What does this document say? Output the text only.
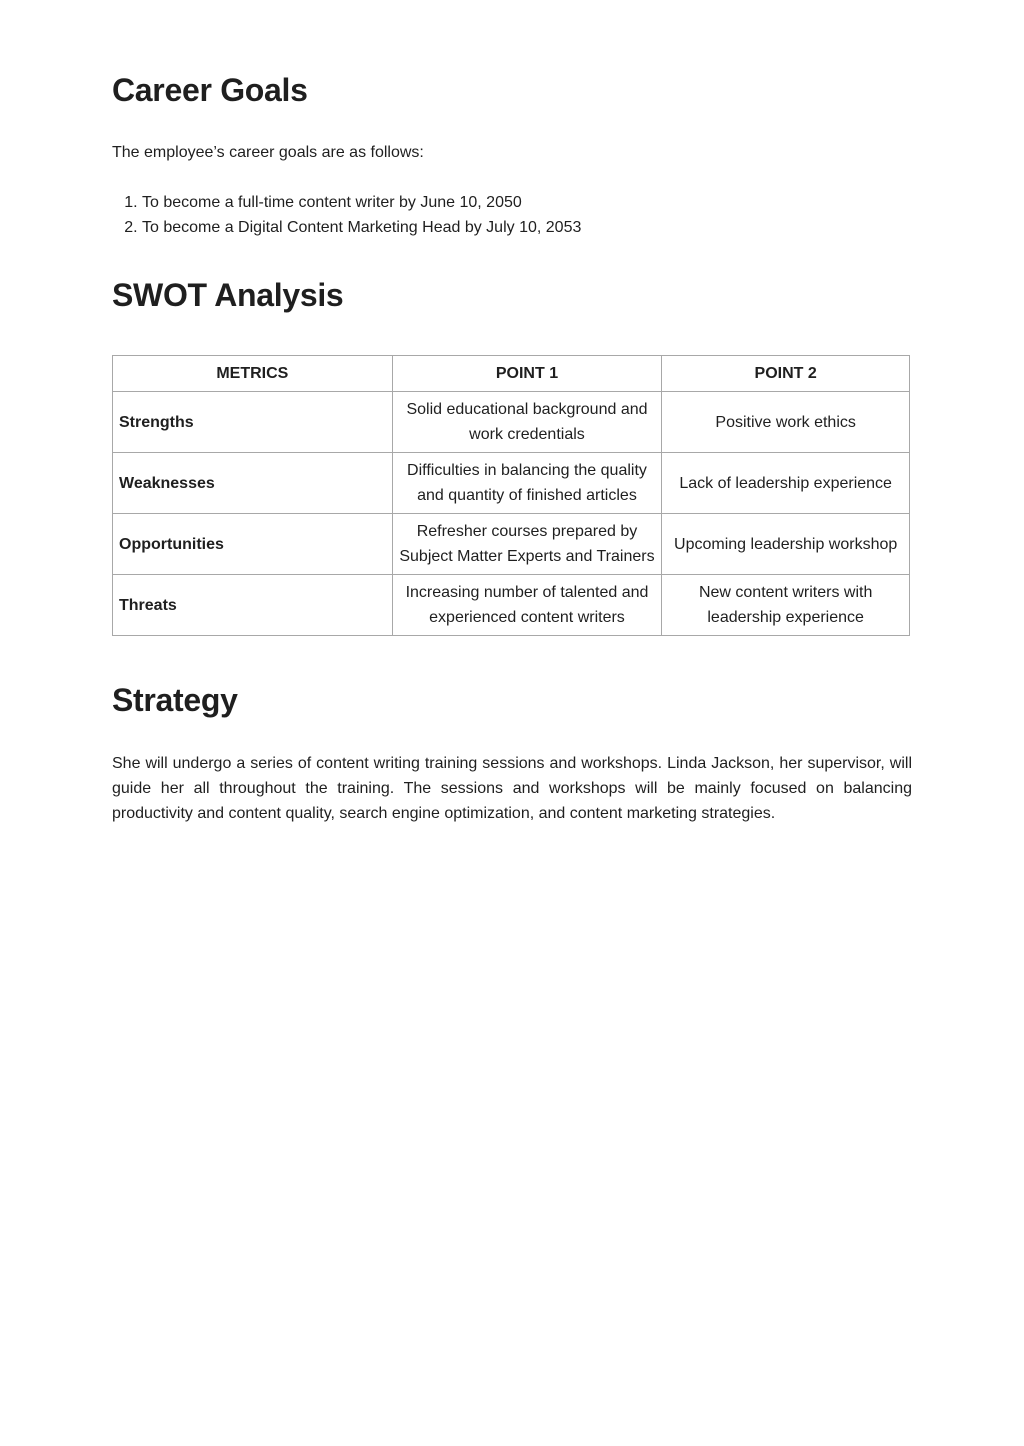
Career Goals

The employee’s career goals are as follows:

1. To become a full-time content writer by June 10, 2050
2. To become a Digital Content Marketing Head by July 10, 2053
SWOT Analysis
METRICS	POINT 1	POINT 2
Strengths	Solid educational background and work credentials	Positive work ethics
Weaknesses	Difficulties in balancing the quality and quantity of finished articles	Lack of leadership experience
Opportunities	Refresher courses prepared by Subject Matter Experts and Trainers	Upcoming leadership workshop
Threats	Increasing number of talented and experienced content writers	New content writers with leadership experience
Strategy

She will undergo a series of content writing training sessions and workshops. Linda Jackson, her supervisor, will guide her all throughout the training. The sessions and workshops will be mainly focused on balancing productivity and content quality, search engine optimization, and content marketing strategies.
